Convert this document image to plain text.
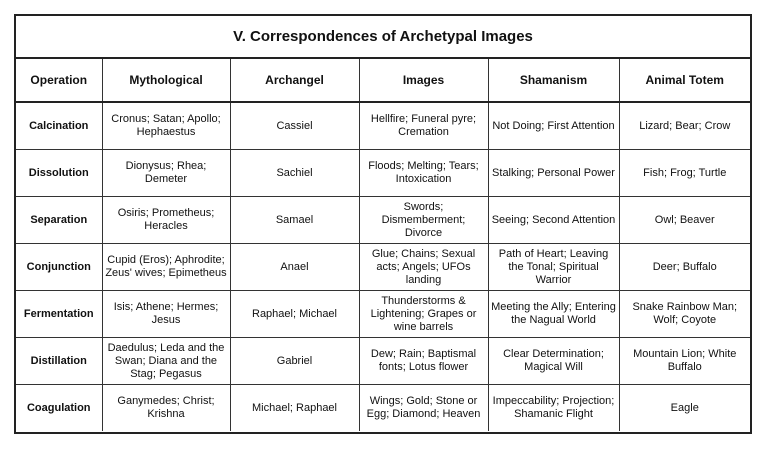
V. Correspondences of Archetypal Images
Operation	Mythological	Archangel	Images	Shamanism	Animal Totem
Calcination	Cronus; Satan; Apollo; Hephaestus	Cassiel	Hellfire; Funeral pyre; Cremation	Not Doing; First Attention	Lizard; Bear; Crow
Dissolution	Dionysus; Rhea; Demeter	Sachiel	Floods; Melting; Tears; Intoxication	Stalking; Personal Power	Fish; Frog; Turtle
Separation	Osiris; Prometheus; Heracles	Samael	Swords; Dismemberment; Divorce	Seeing; Second Attention	Owl; Beaver
Conjunction	Cupid (Eros); Aphrodite; Zeus' wives; Epimetheus	Anael	Glue; Chains; Sexual acts; Angels; UFOs landing	Path of Heart; Leaving the Tonal; Spiritual Warrior	Deer; Buffalo
Fermentation	Isis; Athene; Hermes; Jesus	Raphael; Michael	Thunderstorms & Lightening; Grapes or wine barrels	Meeting the Ally; Entering the Nagual World	Snake Rainbow Man; Wolf; Coyote
Distillation	Daedulus; Leda and the Swan; Diana and the Stag; Pegasus	Gabriel	Dew; Rain; Baptismal fonts; Lotus flower	Clear Determination; Magical Will	Mountain Lion; White Buffalo
Coagulation	Ganymedes; Christ; Krishna	Michael; Raphael	Wings; Gold; Stone or Egg; Diamond; Heaven	Impeccability; Projection; Shamanic Flight	Eagle
